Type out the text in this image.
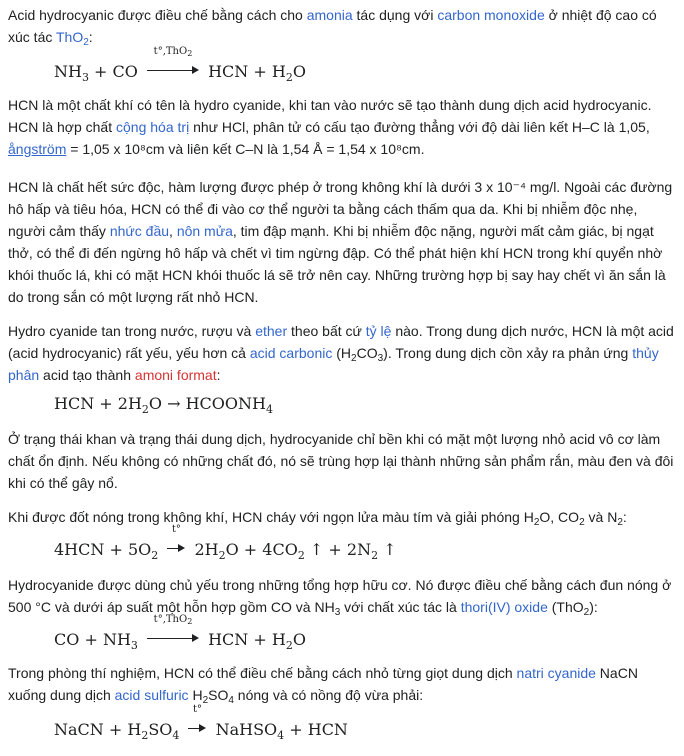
Acid hydrocyanic được điều chế bằng cách cho amonia tác dụng với carbon monoxide ở nhiệt độ cao có xúc tác ThO$_2$:

$NH_3$ + CO
t°,ThO$_2$
HCN + $H_2O$

HCN là một chất khí có tên là hydro cyanide, khi tan vào nước sẽ tạo thành dung dịch acid hydrocyanic. HCN là hợp chất cộng hóa trị như HCl, phân tử có cấu tạo đường thẳng với độ dài liên kết H–C là 1,05, ångström = 1,05 x 10⁸cm và liên kết C–N là 1,54 Å = 1,54 x 10⁸cm.

HCN là chất hết sức độc, hàm lượng được phép ở trong không khí là dưới 3 x 10⁻⁴ mg/l. Ngoài các đường hô hấp và tiêu hóa, HCN có thể đi vào cơ thể người ta bằng cách thấm qua da. Khi bị nhiễm độc nhẹ, người cảm thấy nhức đầu, nôn mửa, tim đập mạnh. Khi bị nhiễm độc nặng, người mất cảm giác, bị ngạt thở, có thể đi đến ngừng hô hấp và chết vì tim ngừng đập. Có thể phát hiện khí HCN trong khí quyển nhờ khói thuốc lá, khi có mặt HCN khói thuốc lá sẽ trở nên cay. Những trường hợp bị say hay chết vì ăn sắn là do trong sắn có một lượng rất nhỏ HCN.

Hydro cyanide tan trong nước, rượu và ether theo bất cứ tỷ lệ nào. Trong dung dịch nước, HCN là một acid (acid hydrocyanic) rất yếu, yếu hơn cả acid carbonic $(H_2CO_3)$. Trong dung dịch cồn xảy ra phản ứng thủy phân acid tạo thành amoni format:

HCN + $2H_2O$ → $HCOONH_4$

Ở trạng thái khan và trạng thái dung dịch, hydrocyanide chỉ bền khi có mặt một lượng nhỏ acid vô cơ làm chất ổn định. Nếu không có những chất đó, nó sẽ trùng hợp lại thành những sản phẩm rắn, màu đen và đôi khi có thể gây nổ.

Khi được đốt nóng trong không khí, HCN cháy với ngọn lửa màu tím và giải phóng $H_2O$, $CO_2$ và $N_2$:

$4HCN + 5O_2$
t°
$2H_2O + 4CO_2$ ↑ + $2N_2$ ↑

Hydrocyanide được dùng chủ yếu trong những tổng hợp hữu cơ. Nó được điều chế bằng cách đun nóng ở 500 °C và dưới áp suất một hỗn hợp gồm CO và $NH_3$ với chất xúc tác là thori(IV) oxide (ThO$_2$):

CO + $NH_3$
t°,ThO$_2$
HCN + $H_2O$

Trong phòng thí nghiệm, HCN có thể điều chế bằng cách nhỏ từng giọt dung dịch natri cyanide NaCN xuống dung dịch acid sulfuric $H_2SO_4$ nóng và có nồng độ vừa phải:

NaCN + $H_2SO_4$
t°
NaHSO$_4$ + HCN
